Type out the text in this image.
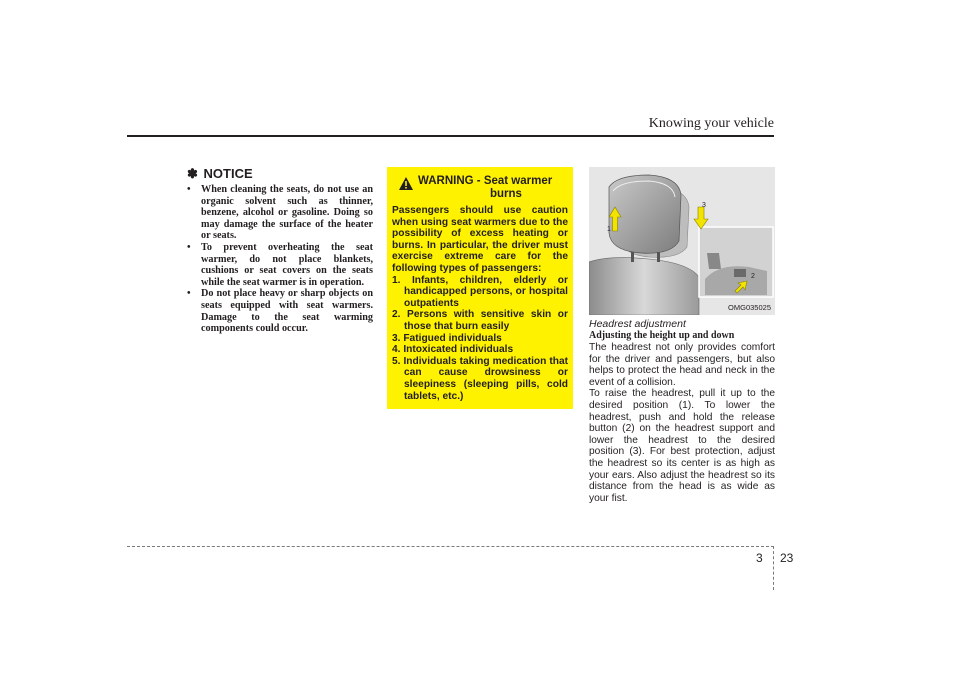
Knowing your vehicle
✽ NOTICE
• When cleaning the seats, do not use an organic solvent such as thinner, benzene, alcohol or gasoline. Doing so may damage the surface of the heater or seats.
• To prevent overheating the seat warmer, do not place blankets, cushions or seat covers on the seats while the seat warmer is in operation.
• Do not place heavy or sharp objects on seats equipped with seat warmers. Damage to the seat warming components could occur.
WARNING - Seat warmer
burns
Passengers should use caution when using seat warmers due to the possibility of excess heating or burns. In particular, the driver must exercise extreme care for the following types of passengers:
1. Infants, children, elderly or handicapped persons, or hospital outpatients
2. Persons with sensitive skin or those that burn easily
3. Fatigued individuals
4. Intoxicated individuals
5. Individuals taking medication that can cause drowsiness or sleepiness (sleeping pills, cold tablets, etc.)
1
3
2
OMG035025
Headrest adjustment
Adjusting the height up and down

The headrest not only provides comfort for the driver and passengers, but also helps to protect the head and neck in the event of a collision.

To raise the headrest, pull it up to the desired position (1). To lower the headrest, push and hold the release button (2) on the headrest support and lower the headrest to the desired position (3). For best protection, adjust the headrest so its center is as high as your ears. Also adjust the headrest so its distance from the head is as wide as your fist.

3 23
